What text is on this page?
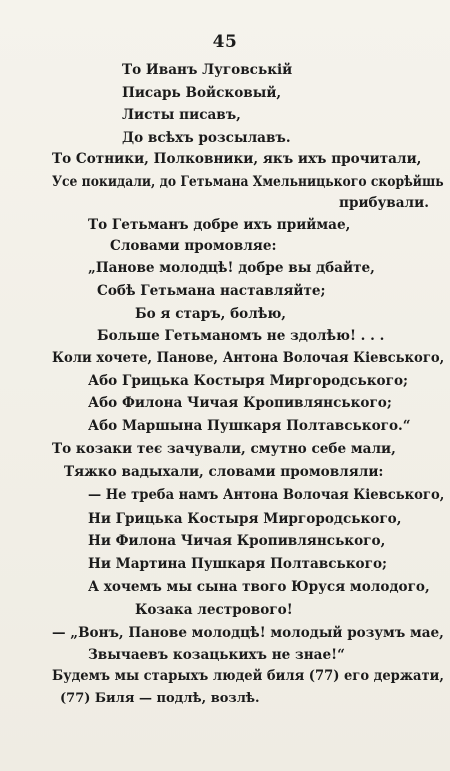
45
То Иванъ Луговській
Писарь Войсковый,
Листы писавъ,
До всѣхъ розсылавъ.
То Сотники, Полковники, якъ ихъ прочитали,
Усе покидали, до Гетьмана Хмельницького скорѣйшь
прибували.
То Гетьманъ добре ихъ приймае,
Словами промовляе:
„Панове молодцѣ! добре вы дбайте,
Собѣ Гетьмана наставляйте;
Бо я старъ, болѣю,
Больше Гетьманомъ не здолѣю! . . .
Коли хочете, Панове, Антона Волочая Кіевського,
Або Грицька Костыря Миргородського;
Або Филона Чичая Кропивлянського;
Або Маршына Пушкаря Полтавського.“
То козаки теє зачували, смутно себе мали,
Тяжко вадыхали, словами промовляли:
— Не треба намъ Антона Волочая Кіевського,
Ни Грицька Костыря Миргородського,
Ни Филона Чичая Кропивлянського,
Ни Мартина Пушкаря Полтавського;
А хочемъ мы сына твого Юруся молодого,
Козака лестрового!
— „Вонъ, Панове молодцѣ! молодый розумъ мае,
Звычаевъ козацькихъ не знае!“
Будемъ мы старыхъ людей биля (77) его держати,
(77) Биля — подлѣ, возлѣ.
